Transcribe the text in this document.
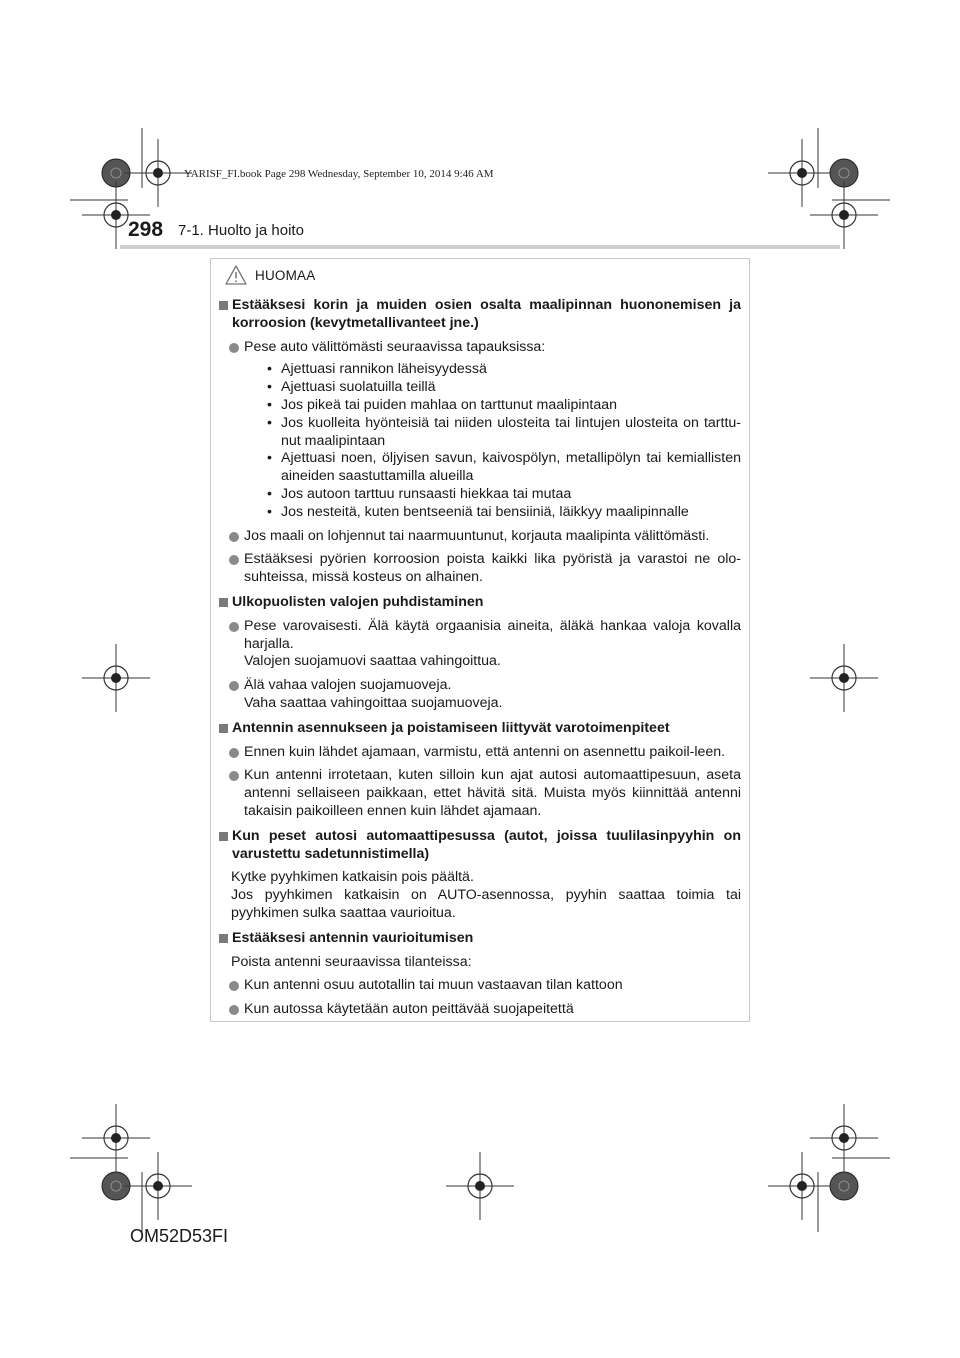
YARISF_FI.book Page 298 Wednesday, September 10, 2014 9:46 AM
298 7-1. Huolto ja hoito
HUOMAA
Estääksesi korin ja muiden osien osalta maalipinnan huononemisen ja korroosion (kevytmetallivanteet jne.)
Pese auto välittömästi seuraavissa tapauksissa:
• Ajettuasi rannikon läheisyydessä
• Ajettuasi suolatuilla teillä
• Jos pikeä tai puiden mahlaa on tarttunut maalipintaan
• Jos kuolleita hyönteisiä tai niiden ulosteita tai lintujen ulosteita on tarttu-nut maalipintaan
• Ajettuasi noen, öljyisen savun, kaivospölyn, metallipölyn tai kemiallisten aineiden saastuttamilla alueilla
• Jos autoon tarttuu runsaasti hiekkaa tai mutaa
• Jos nesteitä, kuten bentseeniä tai bensiiniä, läikkyy maalipinnalle
Jos maali on lohjennut tai naarmuuntunut, korjauta maalipinta välittömästi.
Estääksesi pyörien korroosion poista kaikki lika pyöristä ja varastoi ne olo-suhteissa, missä kosteus on alhainen.
Ulkopuolisten valojen puhdistaminen
Pese varovaisesti. Älä käytä orgaanisia aineita, äläkä hankaa valoja kovalla harjalla.
Valojen suojamuovi saattaa vahingoittua.
Älä vahaa valojen suojamuoveja.
Vaha saattaa vahingoittaa suojamuoveja.
Antennin asennukseen ja poistamiseen liittyvät varotoimenpiteet
Ennen kuin lähdet ajamaan, varmistu, että antenni on asennettu paikoil-leen.
Kun antenni irrotetaan, kuten silloin kun ajat autosi automaattipesuun, aseta antenni sellaiseen paikkaan, ettet hävitä sitä. Muista myös kiinnittää antenni takaisin paikoilleen ennen kuin lähdet ajamaan.
Kun peset autosi automaattipesussa (autot, joissa tuulilasinpyyhin on varustettu sadetunnistimella)
Kytke pyyhkimen katkaisin pois päältä.
Jos pyyhkimen katkaisin on AUTO-asennossa, pyyhin saattaa toimia tai pyyhkimen sulka saattaa vaurioitua.
Estääksesi antennin vaurioitumisen
Poista antenni seuraavissa tilanteissa:
Kun antenni osuu autotallin tai muun vastaavan tilan kattoon
Kun autossa käytetään auton peittävää suojapeitettä
OM52D53FI
